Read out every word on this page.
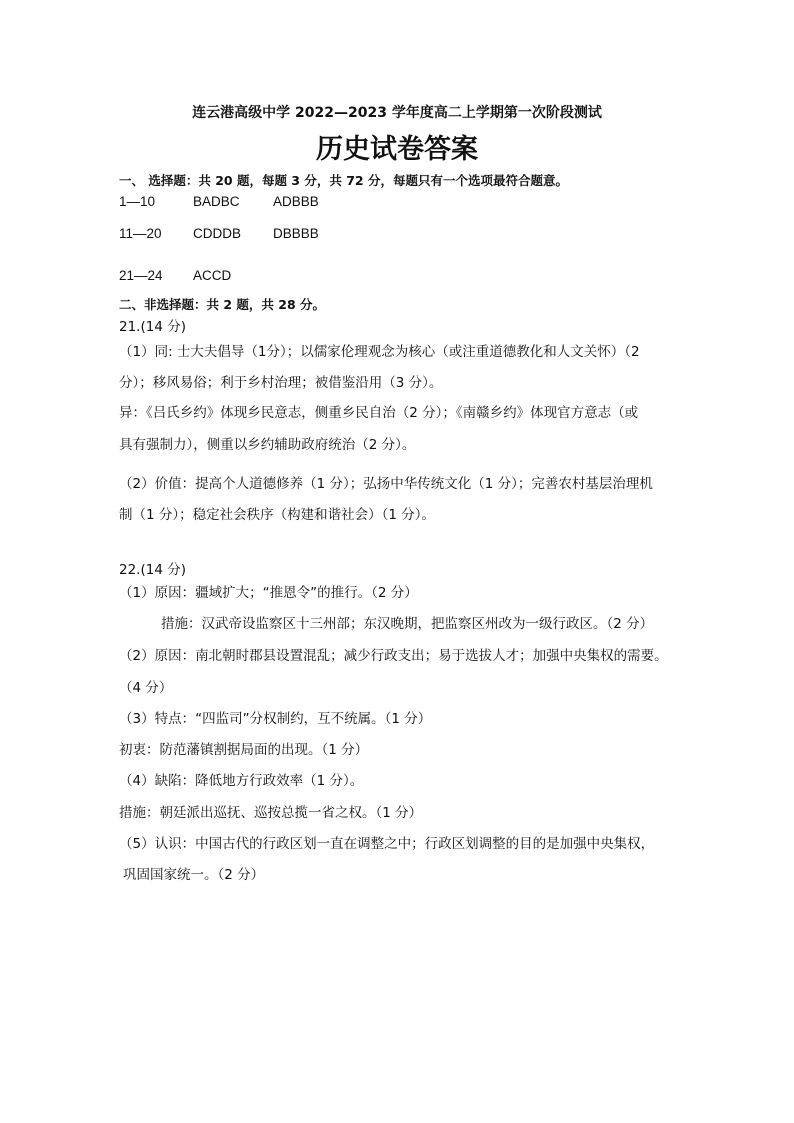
连云港高级中学 2022—2023 学年度高二上学期第一次阶段测试
历史试卷答案
一、 选择题：共 20 题，每题 3 分，共 72 分，每题只有一个选项最符合题意。
1—10	BADBC ADBBB
11—20 CDDDB DBBBB
21—24 ACCD
二、非选择题：共 2 题，共 28 分。
21.(14 分)
（1）同: 士大夫倡导（1分）；以儒家伦理观念为核心（或注重道德教化和人文关怀）（2
分）；移风易俗；利于乡村治理；被借鉴沿用（3 分）。
异：《吕氏乡约》体现乡民意志，侧重乡民自治（2 分）；《南赣乡约》体现官方意志（或
具有强制力），侧重以乡约辅助政府统治（2 分）。
（2）价值：提高个人道德修养（1 分）；弘扬中华传统文化（1 分）；完善农村基层治理机
制（1 分）；稳定社会秩序（构建和谐社会）（1 分）。
22.(14 分)
（1）原因：疆域扩大；“推恩令”的推行。（2 分）
措施：汉武帝设监察区十三州部；东汉晚期，把监察区州改为一级行政区。（2 分）
（2）原因：南北朝时郡县设置混乱；减少行政支出；易于选拔人才；加强中央集权的需要。
（4 分）
（3）特点：“四监司”分权制约，互不统属。（1 分）
初衷：防范藩镇割据局面的出现。（1 分）
（4）缺陷：降低地方行政效率（1 分）。
措施：朝廷派出巡抚、巡按总揽一省之权。（1 分）
（5）认识：中国古代的行政区划一直在调整之中；行政区划调整的目的是加强中央集权，
巩固国家统一。（2 分）
